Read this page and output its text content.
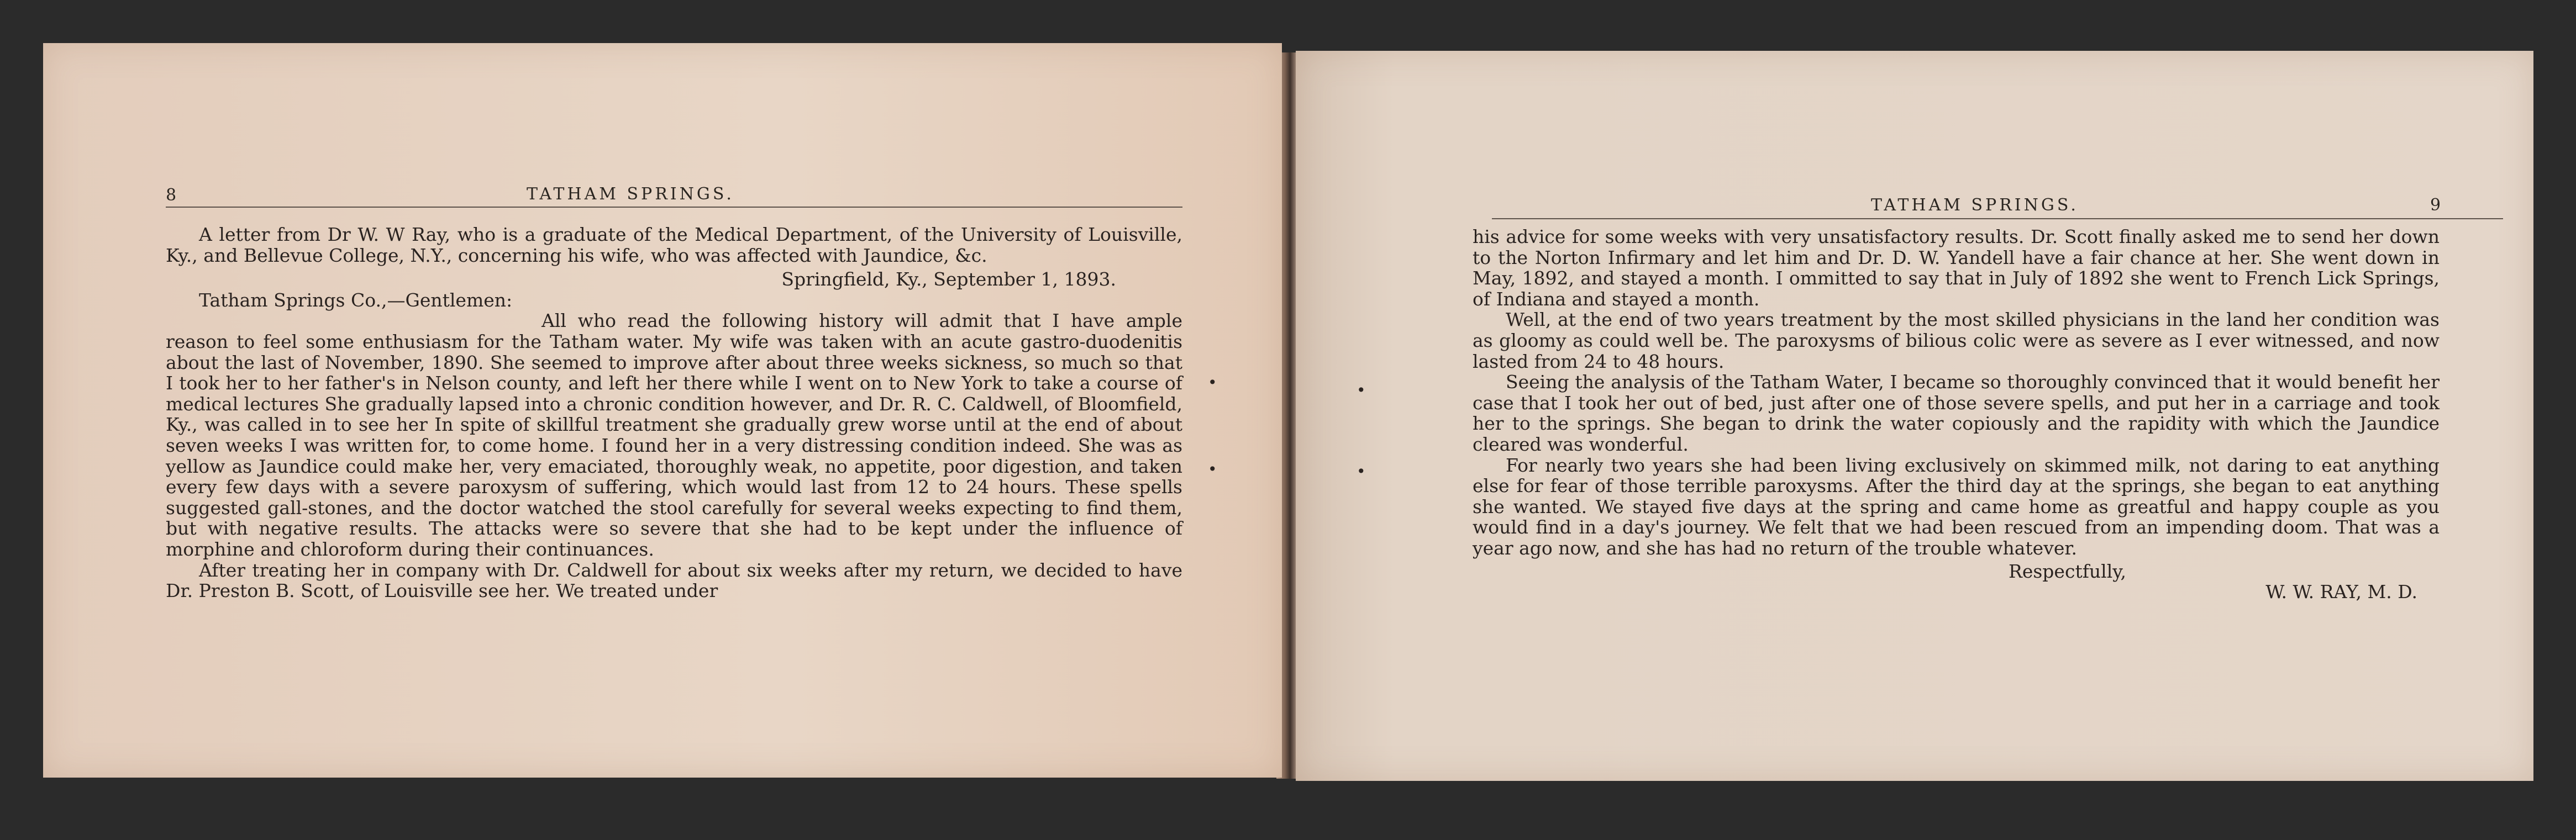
8	TATHAM SPRINGS.

A letter from Dr W. W Ray, who is a graduate of the Medical Department, of the University of Louisville, Ky., and Bellevue College, N.Y., concerning his wife, who was affected with Jaundice, &c.

Springfield, Ky., September 1, 1893.

Tatham Springs Co.,—Gentlemen:

All who read the following history will admit that I have ample reason to feel some enthusiasm for the Tatham water. My wife was taken with an acute gastro-duodenitis about the last of November, 1890. She seemed to improve after about three weeks sickness, so much so that I took her to her father's in Nelson county, and left her there while I went on to New York to take a course of medical lectures She gradually lapsed into a chronic condition however, and Dr. R. C. Caldwell, of Bloomfield, Ky., was called in to see her In spite of skillful treatment she gradually grew worse until at the end of about seven weeks I was written for, to come home. I found her in a very distressing condition indeed. She was as yellow as Jaundice could make her, very emaciated, thoroughly weak, no appetite, poor digestion, and taken every few days with a severe paroxysm of suffering, which would last from 12 to 24 hours. These spells suggested gall-stones, and the doctor watched the stool carefully for several weeks expecting to find them, but with negative results. The attacks were so severe that she had to be kept under the influence of morphine and chloroform during their continuances.

After treating her in company with Dr. Caldwell for about six weeks after my return, we decided to have Dr. Preston B. Scott, of Louisville see her. We treated under

•
•
•
•
TATHAM SPRINGS.	9

his advice for some weeks with very unsatisfactory results. Dr. Scott finally asked me to send her down to the Norton Infirmary and let him and Dr. D. W. Yandell have a fair chance at her. She went down in May, 1892, and stayed a month. I ommitted to say that in July of 1892 she went to French Lick Springs, of Indiana and stayed a month.

Well, at the end of two years treatment by the most skilled physicians in the land her condition was as gloomy as could well be. The paroxysms of bilious colic were as severe as I ever witnessed, and now lasted from 24 to 48 hours.

Seeing the analysis of the Tatham Water, I became so thoroughly convinced that it would benefit her case that I took her out of bed, just after one of those severe spells, and put her in a carriage and took her to the springs. She began to drink the water copiously and the rapidity with which the Jaundice cleared was wonderful.

For nearly two years she had been living exclusively on skimmed milk, not daring to eat anything else for fear of those terrible paroxysms. After the third day at the springs, she began to eat anything she wanted. We stayed five days at the spring and came home as greatful and happy couple as you would find in a day's journey. We felt that we had been rescued from an impending doom. That was a year ago now, and she has had no return of the trouble whatever.

Respectfully,

W. W. RAY, M. D.
